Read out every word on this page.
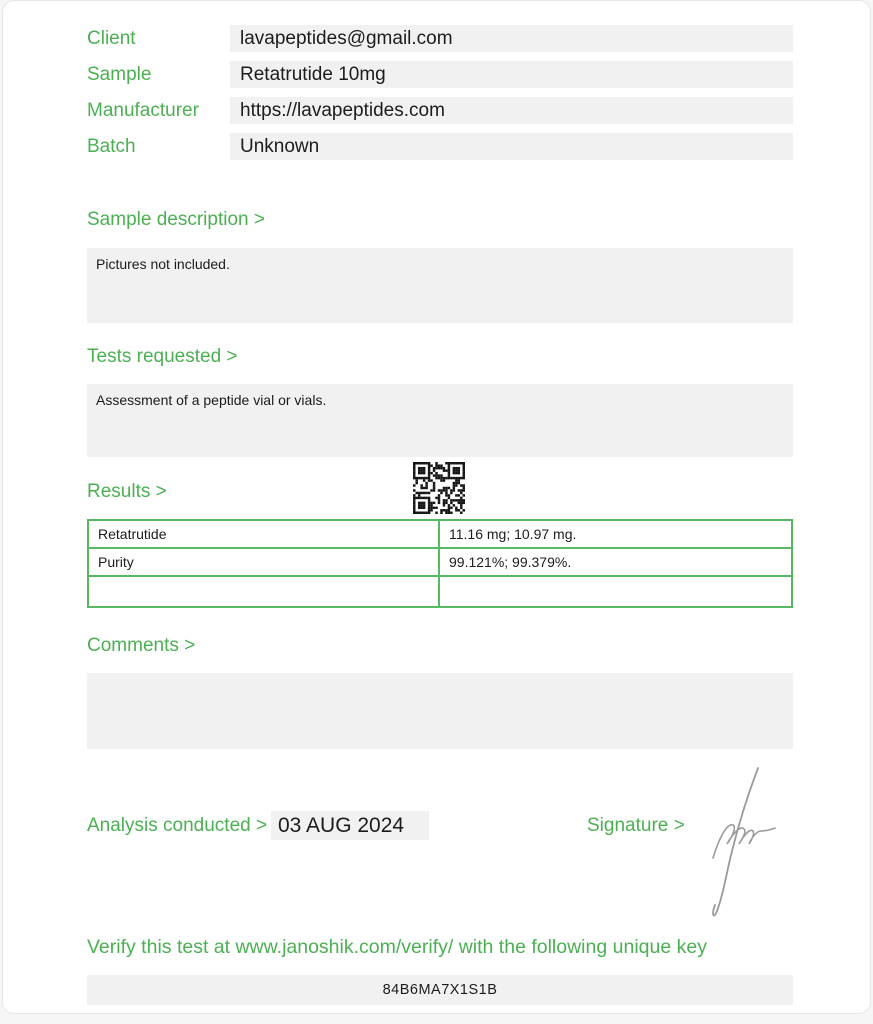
Client	lavapeptides@gmail.com
Sample	Retatrutide 10mg
Manufacturer	https://lavapeptides.com
Batch	Unknown
Sample description >
Pictures not included.
Tests requested >
Assessment of a peptide vial or vials.
Results >
Retatrutide	11.16 mg; 10.97 mg.
Purity	99.121%; 99.379%.

Comments >
Analysis conducted > 03 AUG 2024	Signature >
Verify this test at www.janoshik.com/verify/ with the following unique key
84B6MA7X1S1B
